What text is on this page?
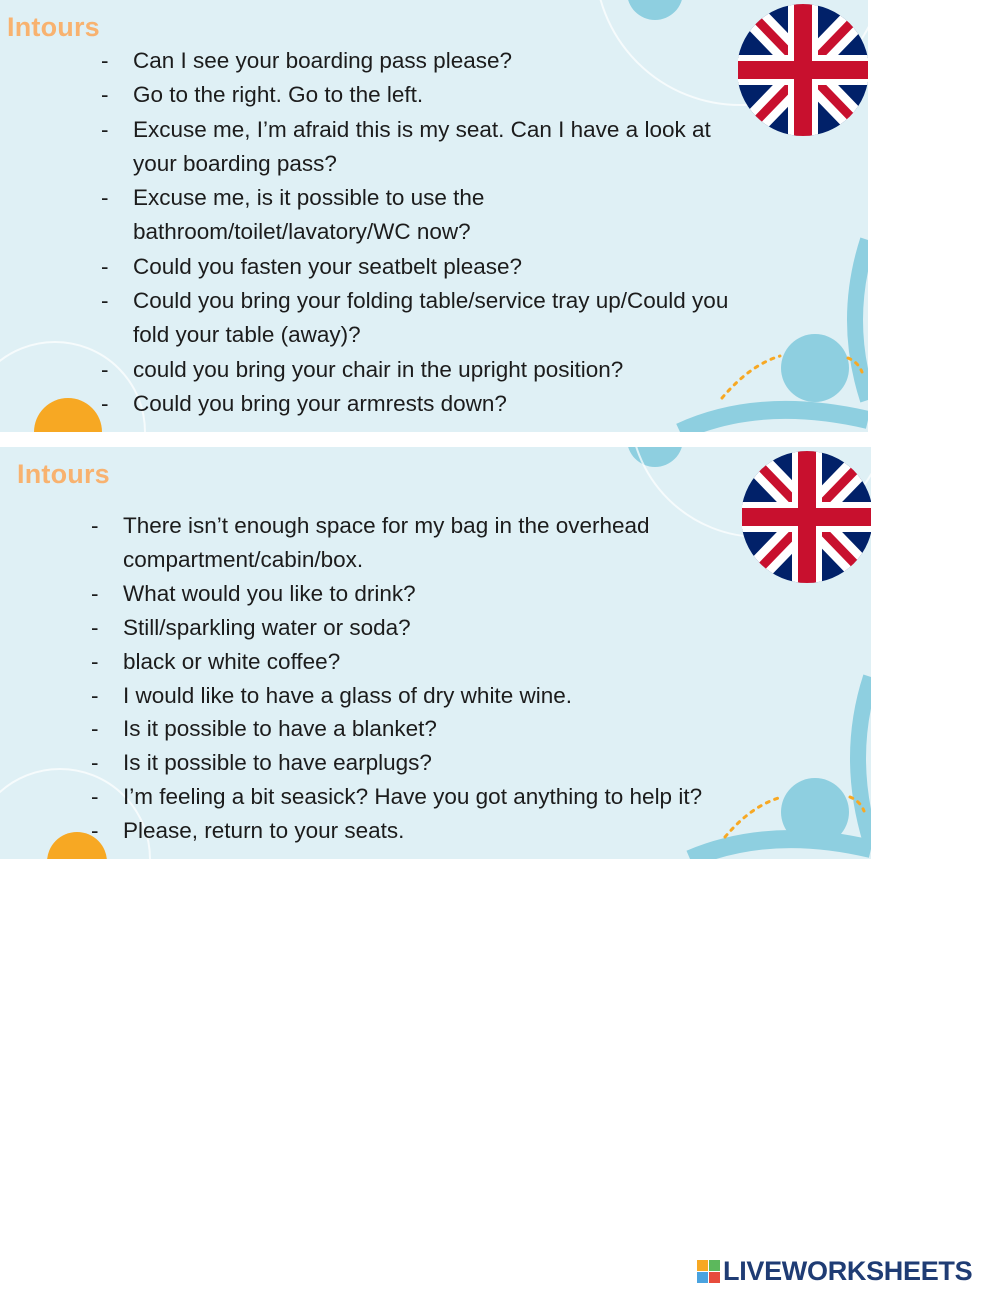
Intours
- Can I see your boarding pass please?
- Go to the right. Go to the left.
- Excuse me, I’m afraid this is my seat. Can I have a look at
your boarding pass?
- Excuse me, is it possible to use the
bathroom/toilet/lavatory/WC now?
- Could you fasten your seatbelt please?
- Could you bring your folding table/service tray up/Could you
fold your table (away)?
- could you bring your chair in the upright position?
- Could you bring your armrests down?
Intours
- There isn’t enough space for my bag in the overhead
compartment/cabin/box.
- What would you like to drink?
- Still/sparkling water or soda?
- black or white coffee?
- I would like to have a glass of dry white wine.
- Is it possible to have a blanket?
- Is it possible to have earplugs?
- I’m feeling a bit seasick? Have you got anything to help it?
- Please, return to your seats.
LIVEWORKSHEETS
